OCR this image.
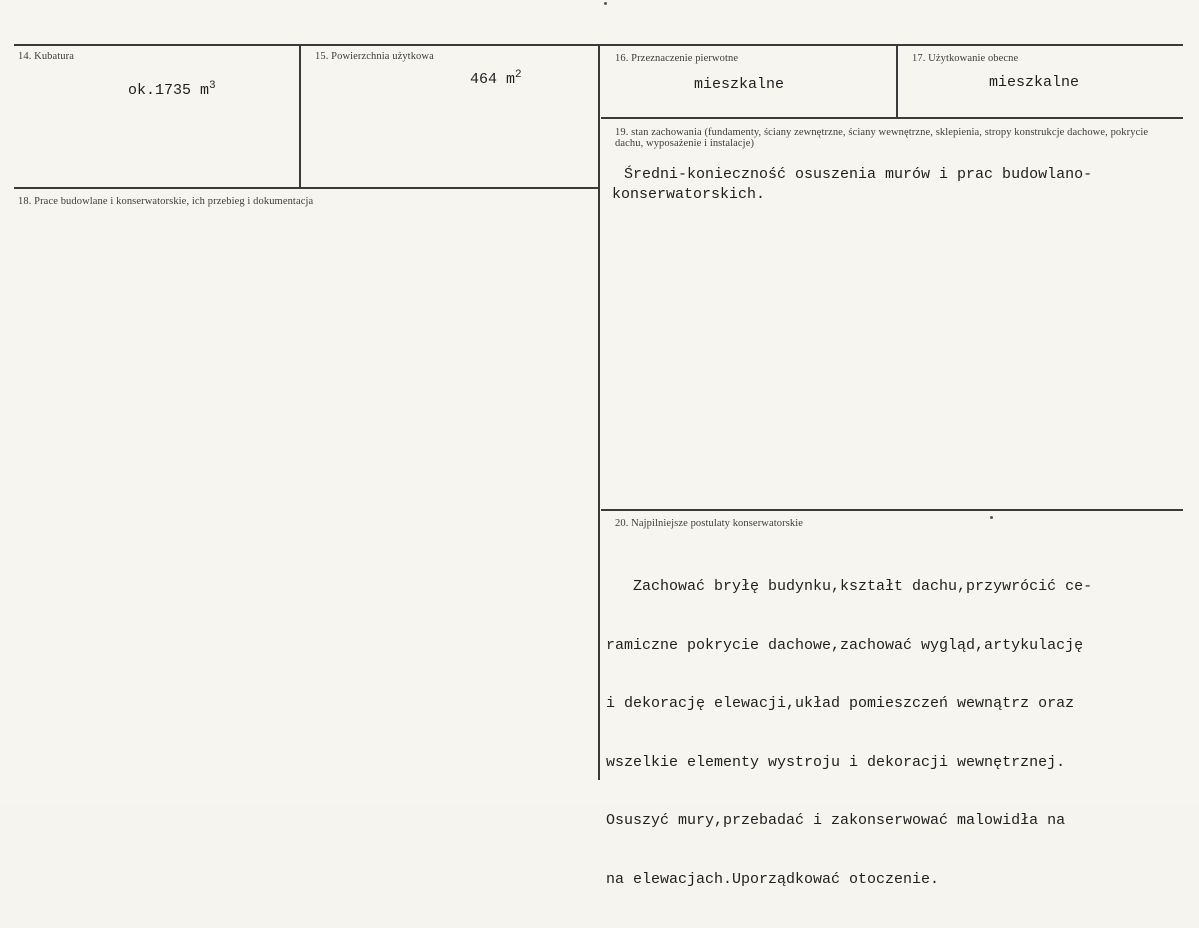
14. Kubatura
ok.1735 $m^3$
15. Powierzchnia użytkowa
464 $m^2$
16. Przeznaczenie pierwotne
mieszkalne
17. Użytkowanie obecne
mieszkalne
18. Prace budowlane i konserwatorskie, ich przebieg i dokumentacja
19. stan zachowania (fundamenty, ściany zewnętrzne, ściany wewnętrzne, sklepienia, stropy konstrukcje dachowe, pokrycie dachu, wyposażenie i instalacje)
Średni-konieczność osuszenia murów i prac budowlano-
konserwatorskich.
20. Najpilniejsze postulaty konserwatorskie

Zachować bryłę budynku,kształt dachu,przywrócić ce-

ramiczne pokrycie dachowe,zachować wygląd,artykulację

i dekorację elewacji,układ pomieszczeń wewnątrz oraz

wszelkie elementy wystroju i dekoracji wewnętrznej.

Osuszyć mury,przebadać i zakonserwować malowidła na

na elewacjach.Uporządkować otoczenie.
